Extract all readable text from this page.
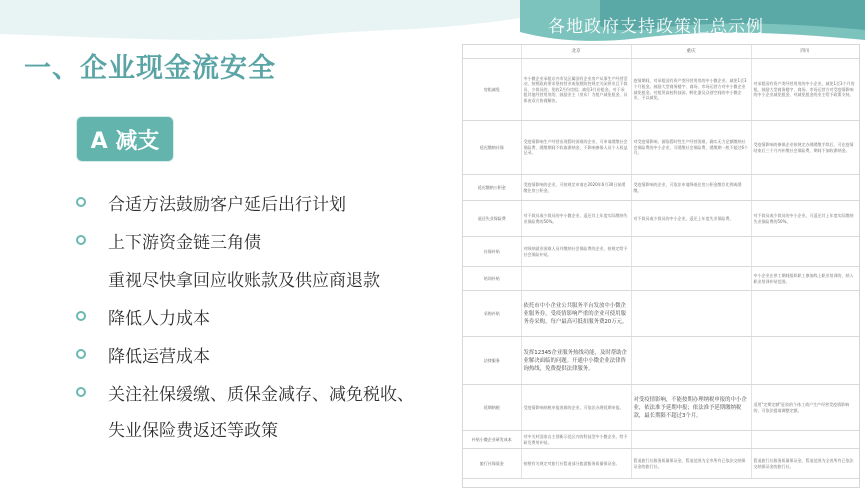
一、企业现金流安全
各地政府支持政策汇总示例
A 减支
合适方法鼓励客户延后出行计划
上下游资金链三角债
重视尽快拿回应收账款及供应商退款
降低人力成本
降低运营成本
关注社保缓缴、质保金减存、减免税收、
失业保险费返还等政策
	北京	重庆	四川
房租减免	中小微企业承租京内市及区属国有企业房产从事生产经营活动，按照政府要求坚持营业或依照防控规定关闭停业且不裁员、少裁员的，免收2月份房租；减免3月份租金。对于承租其他经营用房的，鼓励业主（房东）为租户减免租金，具体由双方协商解决。	疫情期间，对承租国有资产类经营用房的中小微企业，减免1至3个月租金。鼓励大型商务楼宇、商场、市场运营方对中小微企业减免租金。对租赁高校科技园、孵化器及众创空间的中小微企业，予以减免。	对承租国有资产类经营用房的中小企业，减免1至3个月房租。鼓励大型商务楼宇、商场、市场运营方对受疫情影响的中小企业减免租金，对减免租金的业主给予政策支持。
延迟缴纳社保	受疫情影响生产经营出现暂时困难的企业，可申请缓缴社会保险费，缓缴期间不收取滞纳金，不影响参保人员个人权益记录。	对受疫情影响，面临暂时性生产经营困难，确实无力足额缴纳社会保险费的中小企业，可缓缴社会保险费，缓缴期一般不超过6个月。	受疫情影响的参保企业按规定办理缓缴手续后，可在疫情结束后三个月内补缴社会保险费，期间不加收滞纳金。
延迟缴纳公积金	受疫情影响的企业，可按规定申请在2020年6月30日前缓缴住房公积金。	受疫情影响的企业，可依法申请降低住房公积金缴存比例或缓缴。	
退还失业保险费	对不裁员或少裁员的中小微企业，返还其上年度实际缴纳失业保险费的50%。	对不裁员或少裁员的中小企业，返还上年度失业保险费。	对不裁员或少裁员的中小企业，可返还其上年度实际缴纳失业保险费的50%。
社保补贴	对吸纳就业困难人员并缴纳社会保险费的企业，按规定给予社会保险补贴。		
培训补贴			中小企业在停工期间组织职工参加线上职业培训的，纳入职业培训补贴范围。
采购补贴	依托市中小企业公共服务平台发放中小微企业服务券，受疫情影响严重的企业可使用服务券采购，每户最高可抵扣服务费20万元。		
法律服务	发挥12345企业服务热线功能，及时帮助企业解决面临的问题。开通中小微企业法律咨询热线，免费提供法律服务。		
延期纳税	受疫情影响纳税申报困难的企业，可依法办理延期申报。	对受疫情影响，不能按期办理纳税申报的中小企业，依法准予延期申报；依法准予延期缴纳税款，最长期限不超过3个月。	适用"定期定额"征收的个体工商户生产经营受疫情影响的，可依法提请调整定额。
补贴小微企业研发成本	对中关村国家自主创新示范区内的科技型中小微企业，给予研发费用补贴。		
旅行社保质金	按照有关规定对旅行社暂退部分旅游服务质量保证金。	暂退旅行社服务质量保证金，暂退范围为全市所有已依法交纳保证金的旅行社。	暂退旅行社服务质量保证金，暂退范围为全省所有已依法交纳保证金的旅行社。
